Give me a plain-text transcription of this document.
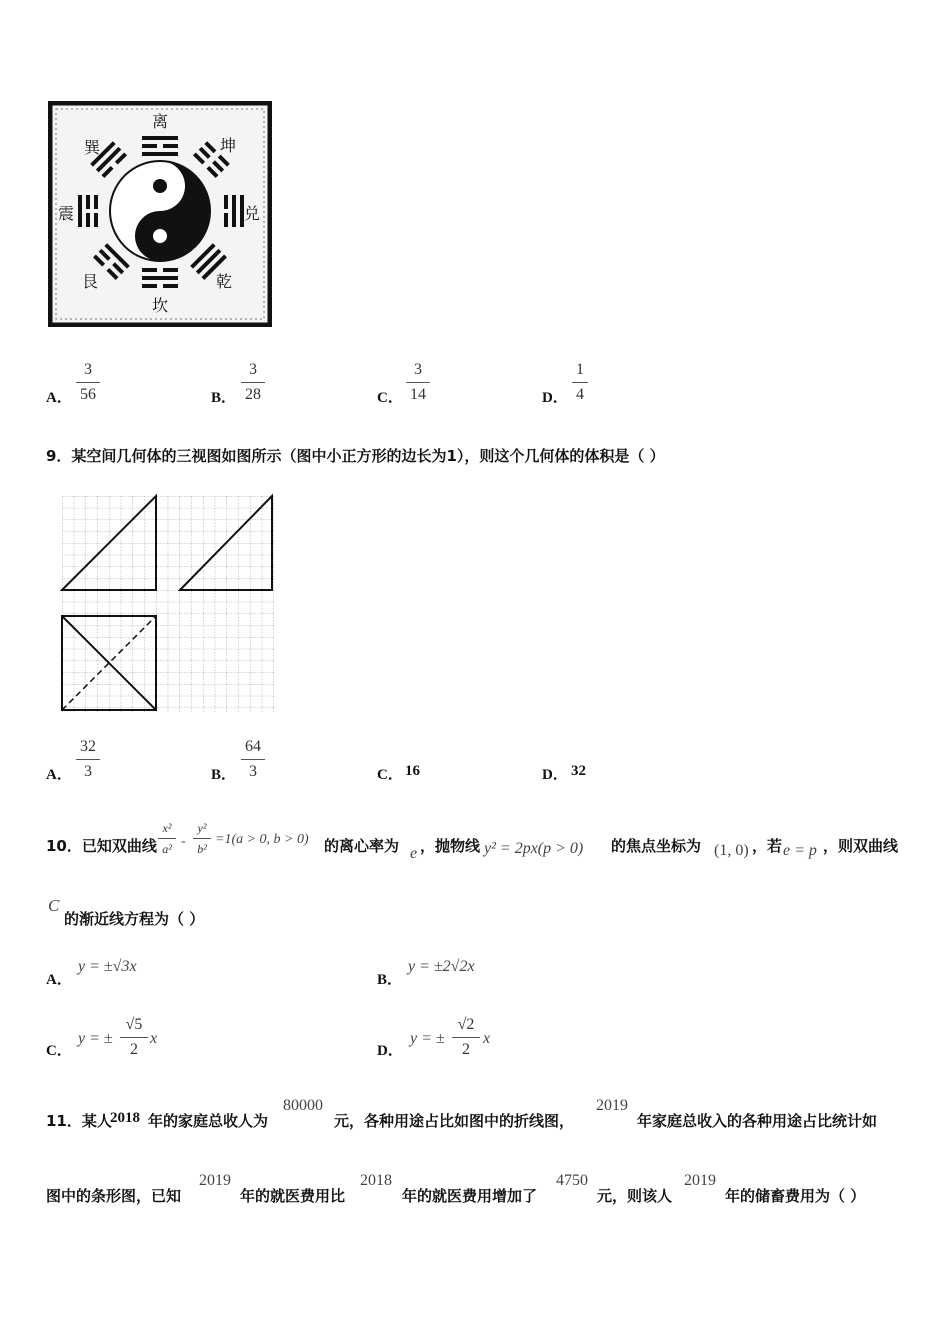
离
坤
兑
乾
坎
艮
震
巽
A．
3
56	B．
3
28	C．
3
14	D．
1
4
9．某空间几何体的三视图如图所示（图中小正方形的边长为1），则这个几何体的体积是（ ）
A．
32
3	B．
64
3	C． 16	D． 32
10．已知双曲线
x²
a² -
y²
b²
=1(a > 0, b > 0) 的离心率为 e ，抛物线 y² = 2px(p > 0) 的焦点坐标为 (1, 0) ，若 e = p ，则双曲线
C
的渐近线方程为（ ）
A．
y = ±√3x
B．
y = ±2√2x
C．
y = ±
√5
2
x
D．
y = ±
√2
2
x
11．某人
2018 年的家庭总收人为
80000
元，各种用途占比如图中的折线图，
2019
年家庭总收入的各种用途占比统计如
图中的条形图，已知
2019
年的就医费用比
2018
年的就医费用增加了
4750
元，则该人
2019
年的储畜费用为（ ）
